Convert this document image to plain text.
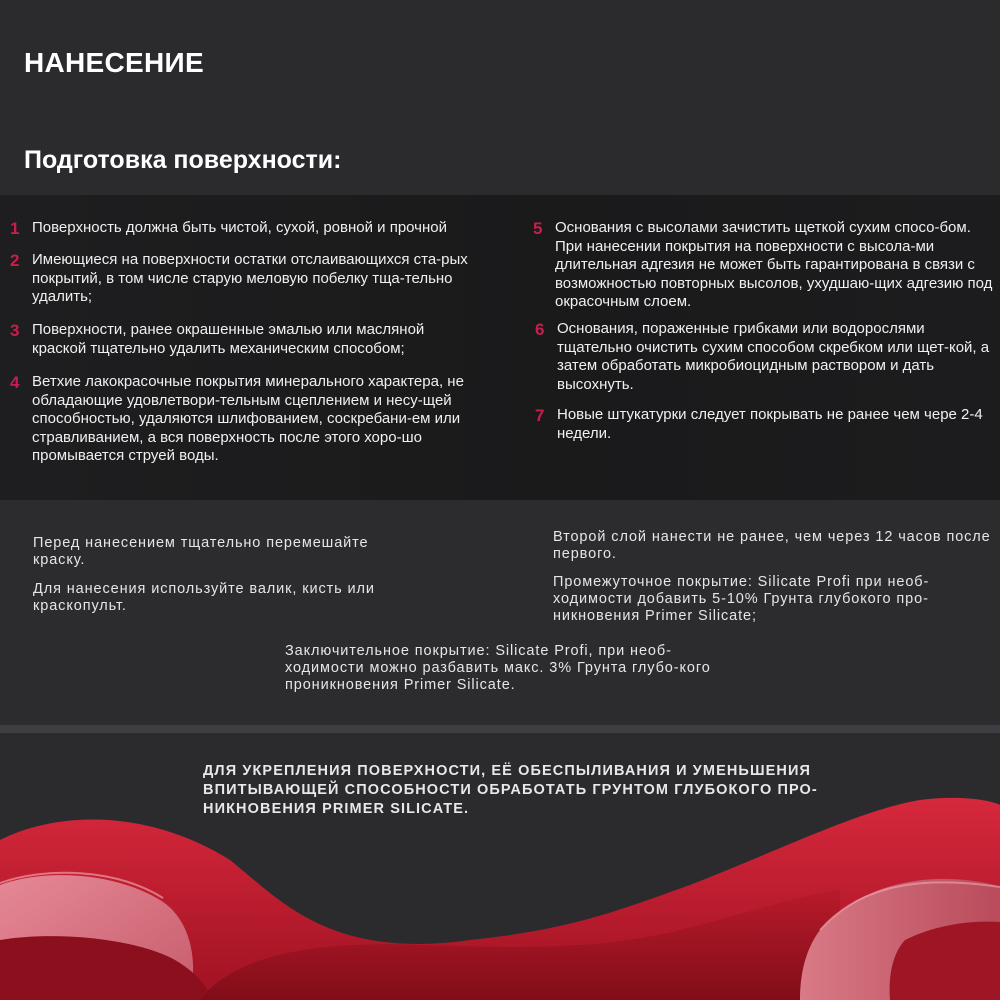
НАНЕСЕНИЕ
Подготовка поверхности:
1 Поверхность должна быть чистой, сухой, ровной и прочной
2 Имеющиеся на поверхности остатки отслаивающихся ста-рых покрытий, в том числе старую меловую побелку тща-тельно удалить;
3 Поверхности, ранее окрашенные эмалью или масляной краской тщательно удалить механическим способом;
4 Ветхие лакокрасочные покрытия минерального характера, не обладающие удовлетвори-тельным сцеплением и несу-щей способностью, удаляются шлифованием, соскребани-ем или стравливанием, а вся поверхность после этого хоро-шо промывается струей воды.
5 Основания с высолами зачистить щеткой сухим спосо-бом. При нанесении покрытия на поверхности с высола-ми длительная адгезия не может быть гарантирована в связи с возможностью повторных высолов, ухудшаю-щих адгезию под окрасочным слоем.
6 Основания, пораженные грибками или водорослями тщательно очистить сухим способом скребком или щет-кой, а затем обработать микробиоцидным раствором и дать высохнуть.
7 Новые штукатурки следует покрывать не ранее чем чере 2-4 недели.
Перед нанесением тщательно перемешайте краску.
Для нанесения используйте валик, кисть или краскопульт.
Второй слой нанести не ранее, чем через 12 часов после первого.
Промежуточное покрытие: Silicate Profi при необ-ходимости добавить 5-10% Грунта глубокого про-никновения Primer Silicate;
Заключительное покрытие: Silicate Profi, при необ-ходимости можно разбавить макс. 3% Грунта глубо-кого проникновения Primer Silicate.
ДЛЯ УКРЕПЛЕНИЯ ПОВЕРХНОСТИ, ЕЁ ОБЕСПЫЛИВАНИЯ И УМЕНЬШЕНИЯ ВПИТЫВАЮЩЕЙ СПОСОБНОСТИ ОБРАБОТАТЬ ГРУНТОМ ГЛУБОКОГО ПРО-НИКНОВЕНИЯ PRIMER SILICATE.
